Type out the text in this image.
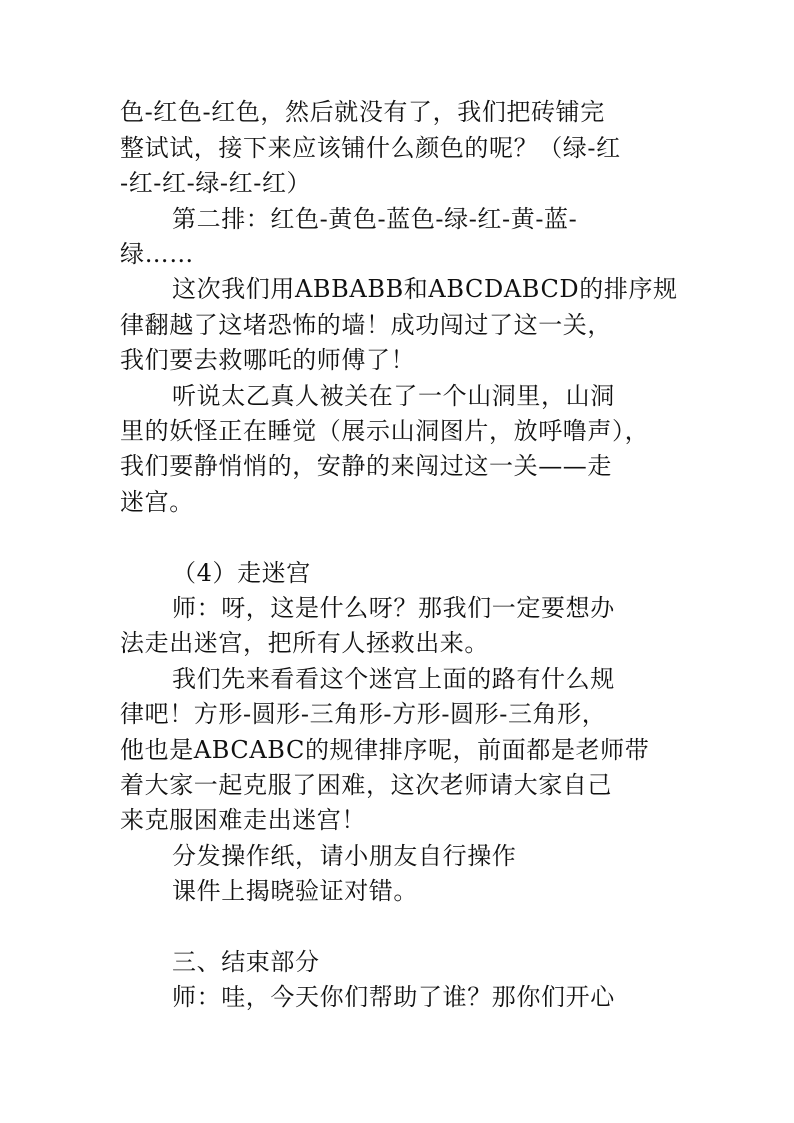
色-红色-红色，然后就没有了，我们把砖铺完
整试试，接下来应该铺什么颜色的呢？（绿-红
-红-红-绿-红-红）
第二排：红色-黄色-蓝色-绿-红-黄-蓝-
绿……
这次我们用ABBABB和ABCDABCD的排序规
律翻越了这堵恐怖的墙！成功闯过了这一关，
我们要去救哪吒的师傅了！
听说太乙真人被关在了一个山洞里，山洞
里的妖怪正在睡觉（展示山洞图片，放呼噜声），
我们要静悄悄的，安静的来闯过这一关——走
迷宫。
（4）走迷宫
师：呀，这是什么呀？那我们一定要想办
法走出迷宫，把所有人拯救出来。
我们先来看看这个迷宫上面的路有什么规
律吧！方形-圆形-三角形-方形-圆形-三角形，
他也是ABCABC的规律排序呢，前面都是老师带
着大家一起克服了困难，这次老师请大家自己
来克服困难走出迷宫！
分发操作纸，请小朋友自行操作
课件上揭晓验证对错。
三、结束部分
师：哇，今天你们帮助了谁？那你们开心
